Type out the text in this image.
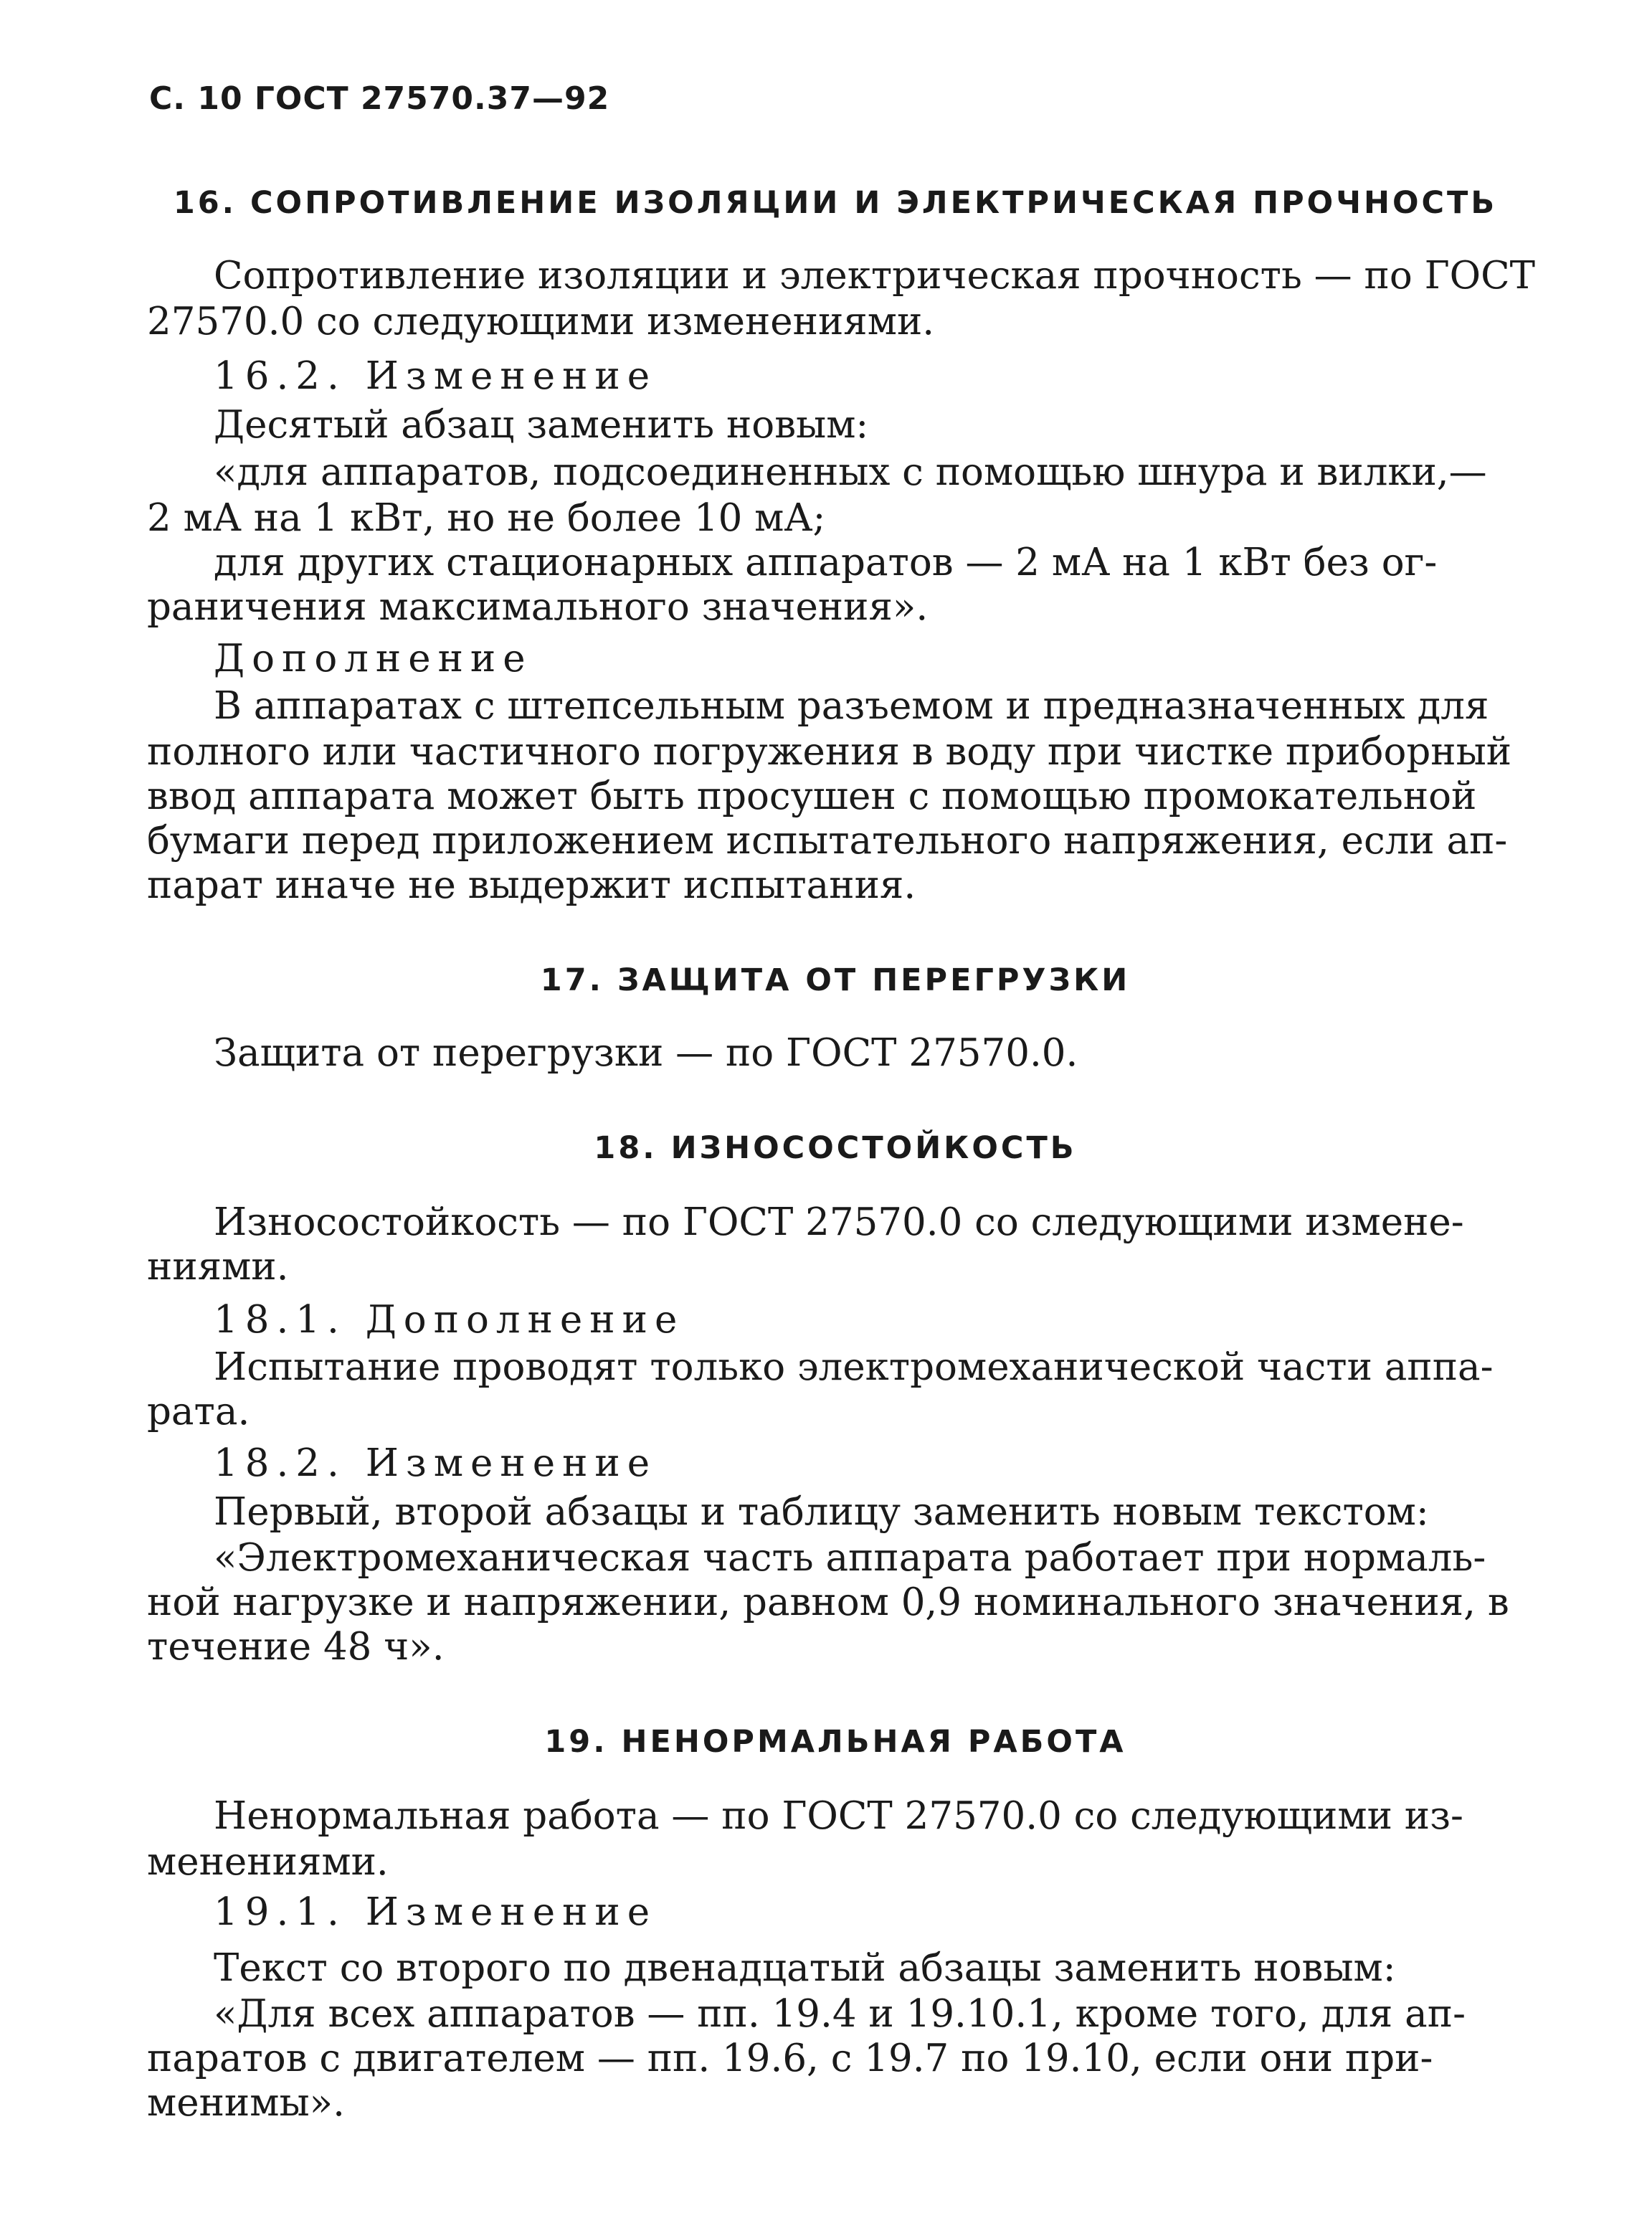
С. 10 ГОСТ 27570.37—92
16. СОПРОТИВЛЕНИЕ ИЗОЛЯЦИИ И ЭЛЕКТРИЧЕСКАЯ ПРОЧНОСТЬ
Сопротивление изоляции и электрическая прочность — по ГОСТ
27570.0 со следующими изменениями.
16.2. Изменение
Десятый абзац заменить новым:
«для аппаратов, подсоединенных с помощью шнура и вилки,—
2 мА на 1 кВт, но не более 10 мА;
для других стационарных аппаратов — 2 мА на 1 кВт без ог-
раничения максимального значения».
Дополнение
В аппаратах с штепсельным разъемом и предназначенных для
полного или частичного погружения в воду при чистке приборный
ввод аппарата может быть просушен с помощью промокательной
бумаги перед приложением испытательного напряжения, если ап-
парат иначе не выдержит испытания.
17. ЗАЩИТА ОТ ПЕРЕГРУЗКИ
Защита от перегрузки — по ГОСТ 27570.0.
18. ИЗНОСОСТОЙКОСТЬ
Износостойкость — по ГОСТ 27570.0 со следующими измене-
ниями.
18.1. Дополнение
Испытание проводят только электромеханической части аппа-
рата.
18.2. Изменение
Первый, второй абзацы и таблицу заменить новым текстом:
«Электромеханическая часть аппарата работает при нормаль-
ной нагрузке и напряжении, равном 0,9 номинального значения, в
течение 48 ч».
19. НЕНОРМАЛЬНАЯ РАБОТА
Ненормальная работа — по ГОСТ 27570.0 со следующими из-
менениями.
19.1. Изменение
Текст со второго по двенадцатый абзацы заменить новым:
«Для всех аппаратов — пп. 19.4 и 19.10.1, кроме того, для ап-
паратов с двигателем — пп. 19.6, с 19.7 по 19.10, если они при-
менимы».
